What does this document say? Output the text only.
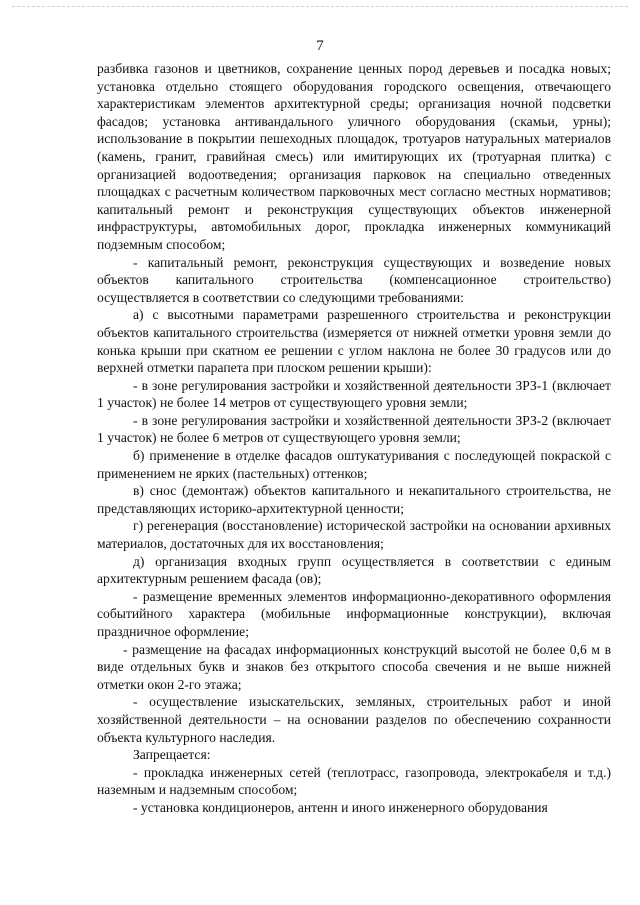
7

разбивка газонов и цветников, сохранение ценных пород деревьев и посадка новых; установка отдельно стоящего оборудования городского освещения, отвечающего характеристикам элементов архитектурной среды; организация ночной подсветки фасадов; установка антивандального уличного оборудования (скамьи, урны); использование в покрытии пешеходных площадок, тротуаров натуральных материалов (камень, гранит, гравийная смесь) или имитирующих их (тротуарная плитка) с организацией водоотведения; организация парковок на специально отведенных площадках с расчетным количеством парковочных мест согласно местных нормативов; капитальный ремонт и реконструкция существующих объектов инженерной инфраструктуры, автомобильных дорог, прокладка инженерных коммуникаций подземным способом;

- капитальный ремонт, реконструкция существующих и возведение новых объектов капитального строительства (компенсационное строительство) осуществляется в соответствии со следующими требованиями:

а) с высотными параметрами разрешенного строительства и реконструкции объектов капитального строительства (измеряется от нижней отметки уровня земли до конька крыши при скатном ее решении с углом наклона не более 30 градусов или до верхней отметки парапета при плоском решении крыши):

- в зоне регулирования застройки и хозяйственной деятельности ЗРЗ-1 (включает 1 участок) не более 14 метров от существующего уровня земли;

- в зоне регулирования застройки и хозяйственной деятельности ЗРЗ-2 (включает 1 участок) не более 6 метров от существующего уровня земли;

б) применение в отделке фасадов оштукатуривания с последующей покраской с применением не ярких (пастельных) оттенков;

в) снос (демонтаж) объектов капитального и некапитального строительства, не представляющих историко-архитектурной ценности;

г) регенерация (восстановление) исторической застройки на основании архивных материалов, достаточных для их восстановления;

д) организация входных групп осуществляется в соответствии с единым архитектурным решением фасада (ов);

- размещение временных элементов информационно-декоративного оформления событийного характера (мобильные информационные конструкции), включая праздничное оформление;

- размещение на фасадах информационных конструкций высотой не более 0,6 м в виде отдельных букв и знаков без открытого способа свечения и не выше нижней отметки окон 2-го этажа;

- осуществление изыскательских, земляных, строительных работ и иной хозяйственной деятельности – на основании разделов по обеспечению сохранности объекта культурного наследия.

Запрещается:

- прокладка инженерных сетей (теплотрасс, газопровода, электрокабеля и т.д.) наземным и надземным способом;

- установка кондиционеров, антенн и иного инженерного оборудования
